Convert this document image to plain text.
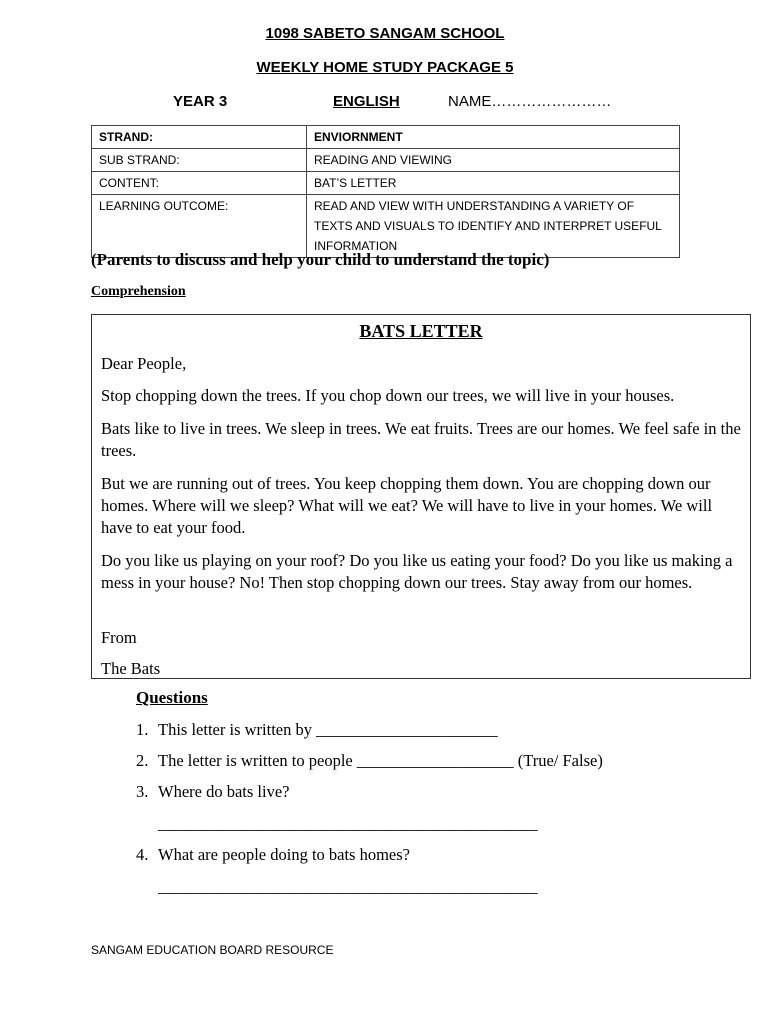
1098 SABETO SANGAM SCHOOL
WEEKLY HOME STUDY PACKAGE 5
YEAR 3	ENGLISH	NAME……………………
STRAND:	ENVIORNMENT
SUB STRAND:	READING AND VIEWING
CONTENT:	BAT’S LETTER
LEARNING OUTCOME:	READ AND VIEW WITH UNDERSTANDING A VARIETY OF TEXTS AND VISUALS TO IDENTIFY AND INTERPRET USEFUL INFORMATION
(Parents to discuss and help your child to understand the topic)
Comprehension
BATS LETTER

Dear People,

Stop chopping down the trees. If you chop down our trees, we will live in your houses.

Bats like to live in trees. We sleep in trees. We eat fruits. Trees are our homes. We feel safe in the trees.

But we are running out of trees. You keep chopping them down. You are chopping down our homes. Where will we sleep? What will we eat? We will have to live in your homes. We will have to eat your food.

Do you like us playing on your roof? Do you like us eating your food? Do you like us making a mess in your house? No! Then stop chopping down our trees. Stay away from our homes.

From

The Bats

Questions
1. This letter is written by ______________________
2. The letter is written to people ___________________ (True/ False)
3. Where do bats live?
______________________________________________
4. What are people doing to bats homes?
______________________________________________
SANGAM EDUCATION BOARD RESOURCE
